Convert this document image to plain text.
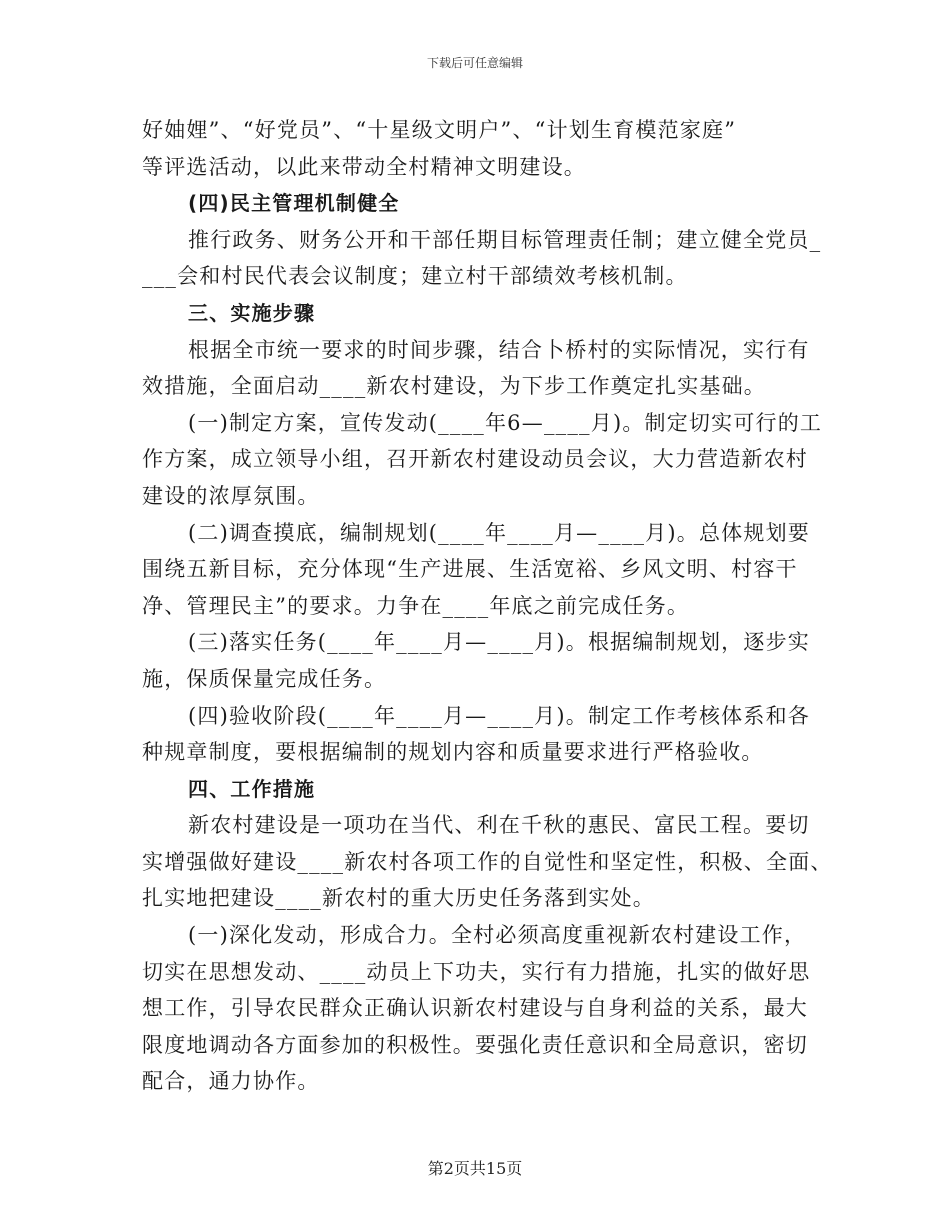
下载后可任意编辑
好妯娌”、“好党员”、“十星级文明户”、“计划生育模范家庭”
等评选活动，以此来带动全村精神文明建设。
(四)民主管理机制健全
推行政务、财务公开和干部任期目标管理责任制；建立健全党员_
___会和村民代表会议制度；建立村干部绩效考核机制。
三、实施步骤
根据全市统一要求的时间步骤，结合卜桥村的实际情况，实行有
效措施，全面启动____新农村建设，为下步工作奠定扎实基础。
(一)制定方案，宣传发动(____年6—____月)。制定切实可行的工
作方案，成立领导小组，召开新农村建设动员会议，大力营造新农村
建设的浓厚氛围。
(二)调查摸底，编制规划(____年____月—____月)。总体规划要
围绕五新目标，充分体现“生产进展、生活宽裕、乡风文明、村容干
净、管理民主”的要求。力争在____年底之前完成任务。
(三)落实任务(____年____月—____月)。根据编制规划，逐步实
施，保质保量完成任务。
(四)验收阶段(____年____月—____月)。制定工作考核体系和各
种规章制度，要根据编制的规划内容和质量要求进行严格验收。
四、工作措施
新农村建设是一项功在当代、利在千秋的惠民、富民工程。要切
实增强做好建设____新农村各项工作的自觉性和坚定性，积极、全面、
扎实地把建设____新农村的重大历史任务落到实处。
(一)深化发动，形成合力。全村必须高度重视新农村建设工作，
切实在思想发动、____动员上下功夫，实行有力措施，扎实的做好思
想工作，引导农民群众正确认识新农村建设与自身利益的关系，最大
限度地调动各方面参加的积极性。要强化责任意识和全局意识，密切
配合，通力协作。
第2页共15页
